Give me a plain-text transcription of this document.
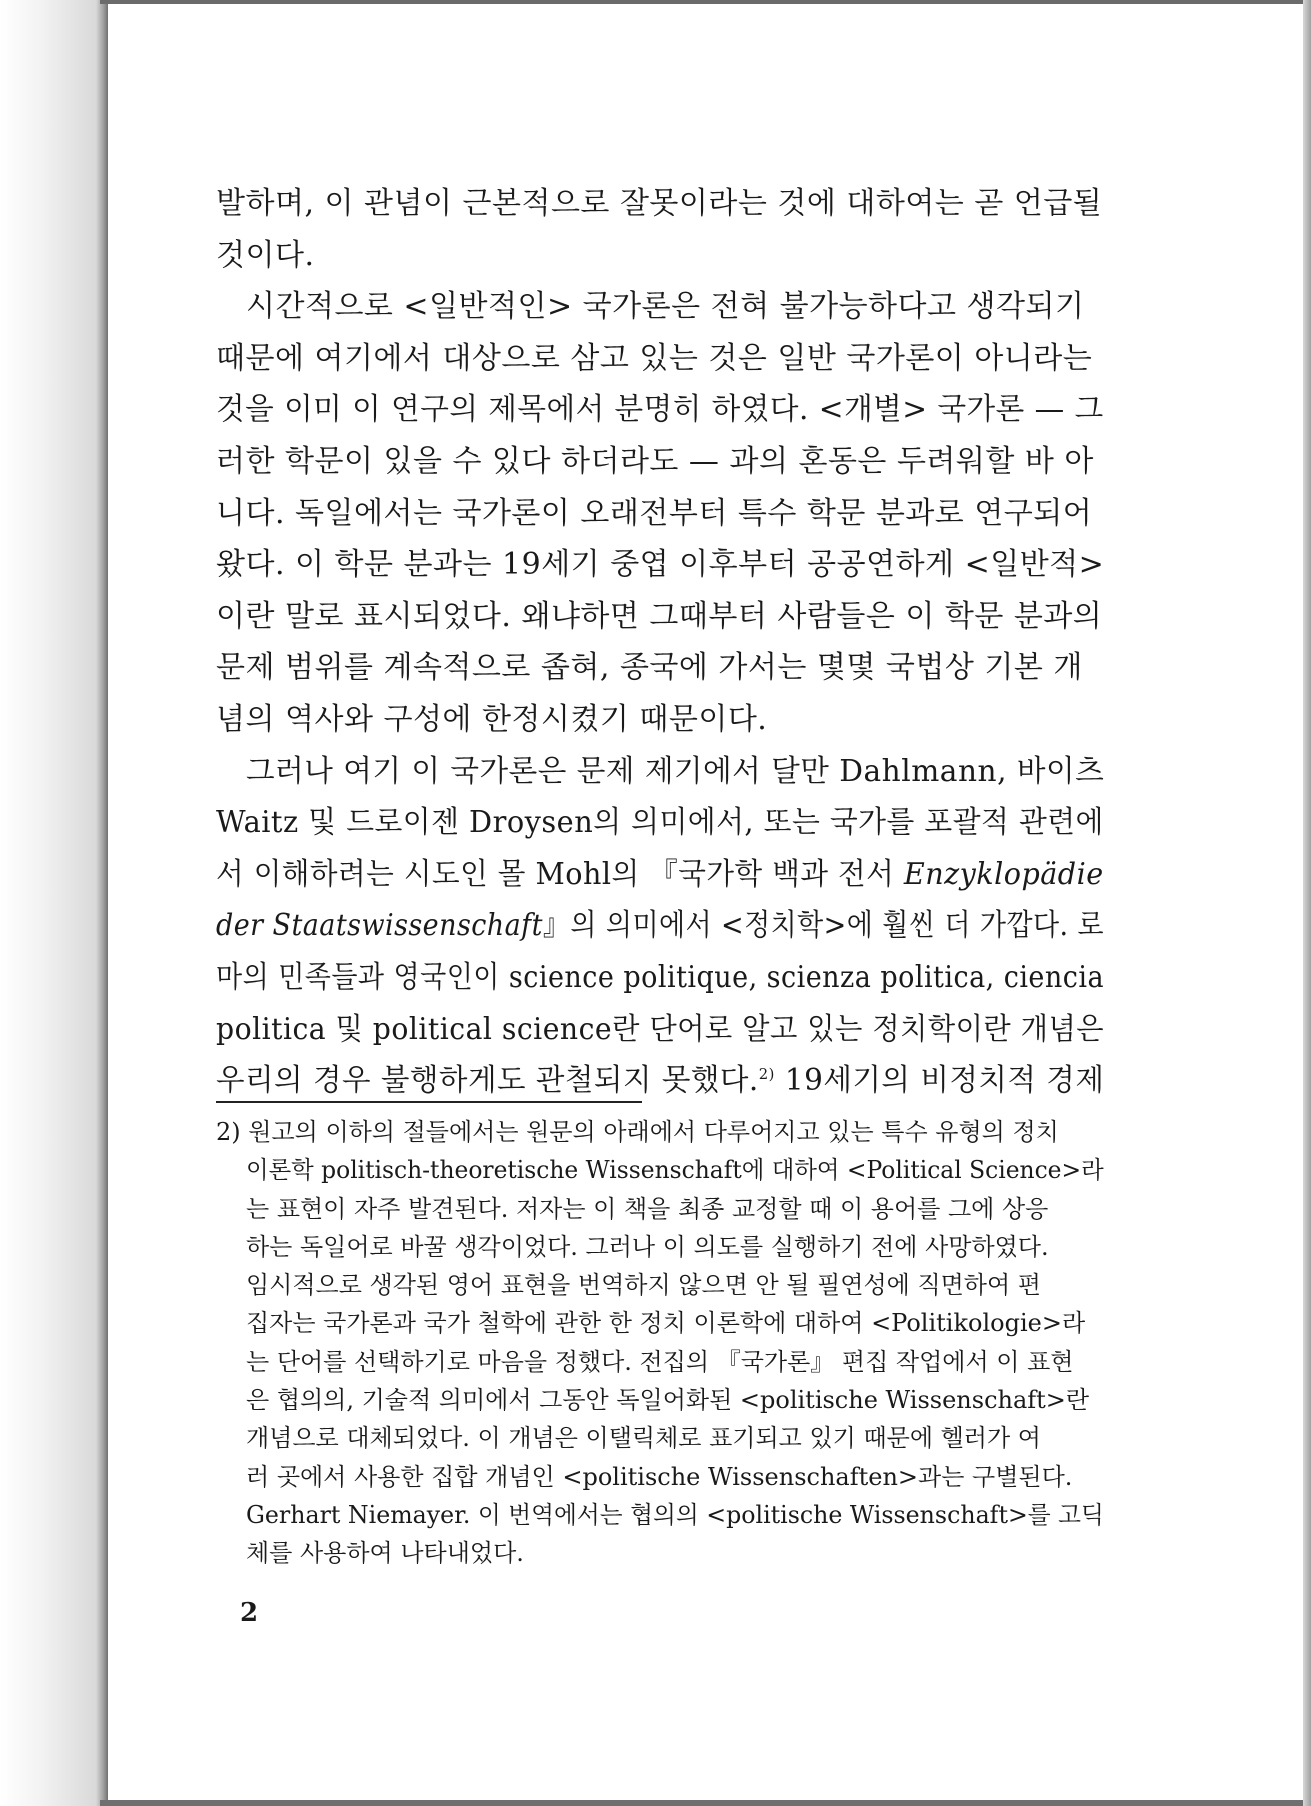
발하며, 이 관념이 근본적으로 잘못이라는 것에 대하여는 곧 언급될
것이다.
시간적으로 <일반적인> 국가론은 전혀 불가능하다고 생각되기
때문에 여기에서 대상으로 삼고 있는 것은 일반 국가론이 아니라는
것을 이미 이 연구의 제목에서 분명히 하였다. <개별> 국가론 — 그
러한 학문이 있을 수 있다 하더라도 — 과의 혼동은 두려워할 바 아
니다. 독일에서는 국가론이 오래전부터 특수 학문 분과로 연구되어
왔다. 이 학문 분과는 19세기 중엽 이후부터 공공연하게 <일반적>
이란 말로 표시되었다. 왜냐하면 그때부터 사람들은 이 학문 분과의
문제 범위를 계속적으로 좁혀, 종국에 가서는 몇몇 국법상 기본 개
념의 역사와 구성에 한정시켰기 때문이다.
그러나 여기 이 국가론은 문제 제기에서 달만 Dahlmann, 바이츠
Waitz 및 드로이젠 Droysen의 의미에서, 또는 국가를 포괄적 관련에
서 이해하려는 시도인 몰 Mohl의 『국가학 백과 전서 Enzyklopädie
der Staatswissenschaft』의 의미에서 <정치학>에 훨씬 더 가깝다. 로
마의 민족들과 영국인이 science politique, scienza politica, ciencia
politica 및 political science란 단어로 알고 있는 정치학이란 개념은
우리의 경우 불행하게도 관철되지 못했다.$^{2)}$ 19세기의 비정치적 경제
2) 원고의 이하의 절들에서는 원문의 아래에서 다루어지고 있는 특수 유형의 정치
이론학 politisch-theoretische Wissenschaft에 대하여 <Political Science>라
는 표현이 자주 발견된다. 저자는 이 책을 최종 교정할 때 이 용어를 그에 상응
하는 독일어로 바꿀 생각이었다. 그러나 이 의도를 실행하기 전에 사망하였다.
임시적으로 생각된 영어 표현을 번역하지 않으면 안 될 필연성에 직면하여 편
집자는 국가론과 국가 철학에 관한 한 정치 이론학에 대하여 <Politikologie>라
는 단어를 선택하기로 마음을 정했다. 전집의 『국가론』 편집 작업에서 이 표현
은 협의의, 기술적 의미에서 그동안 독일어화된 <politische Wissenschaft>란
개념으로 대체되었다. 이 개념은 이탤릭체로 표기되고 있기 때문에 헬러가 여
러 곳에서 사용한 집합 개념인 <politische Wissenschaften>과는 구별된다.
Gerhart Niemayer. 이 번역에서는 협의의 <politische Wissenschaft>를 고딕
체를 사용하여 나타내었다.
2
